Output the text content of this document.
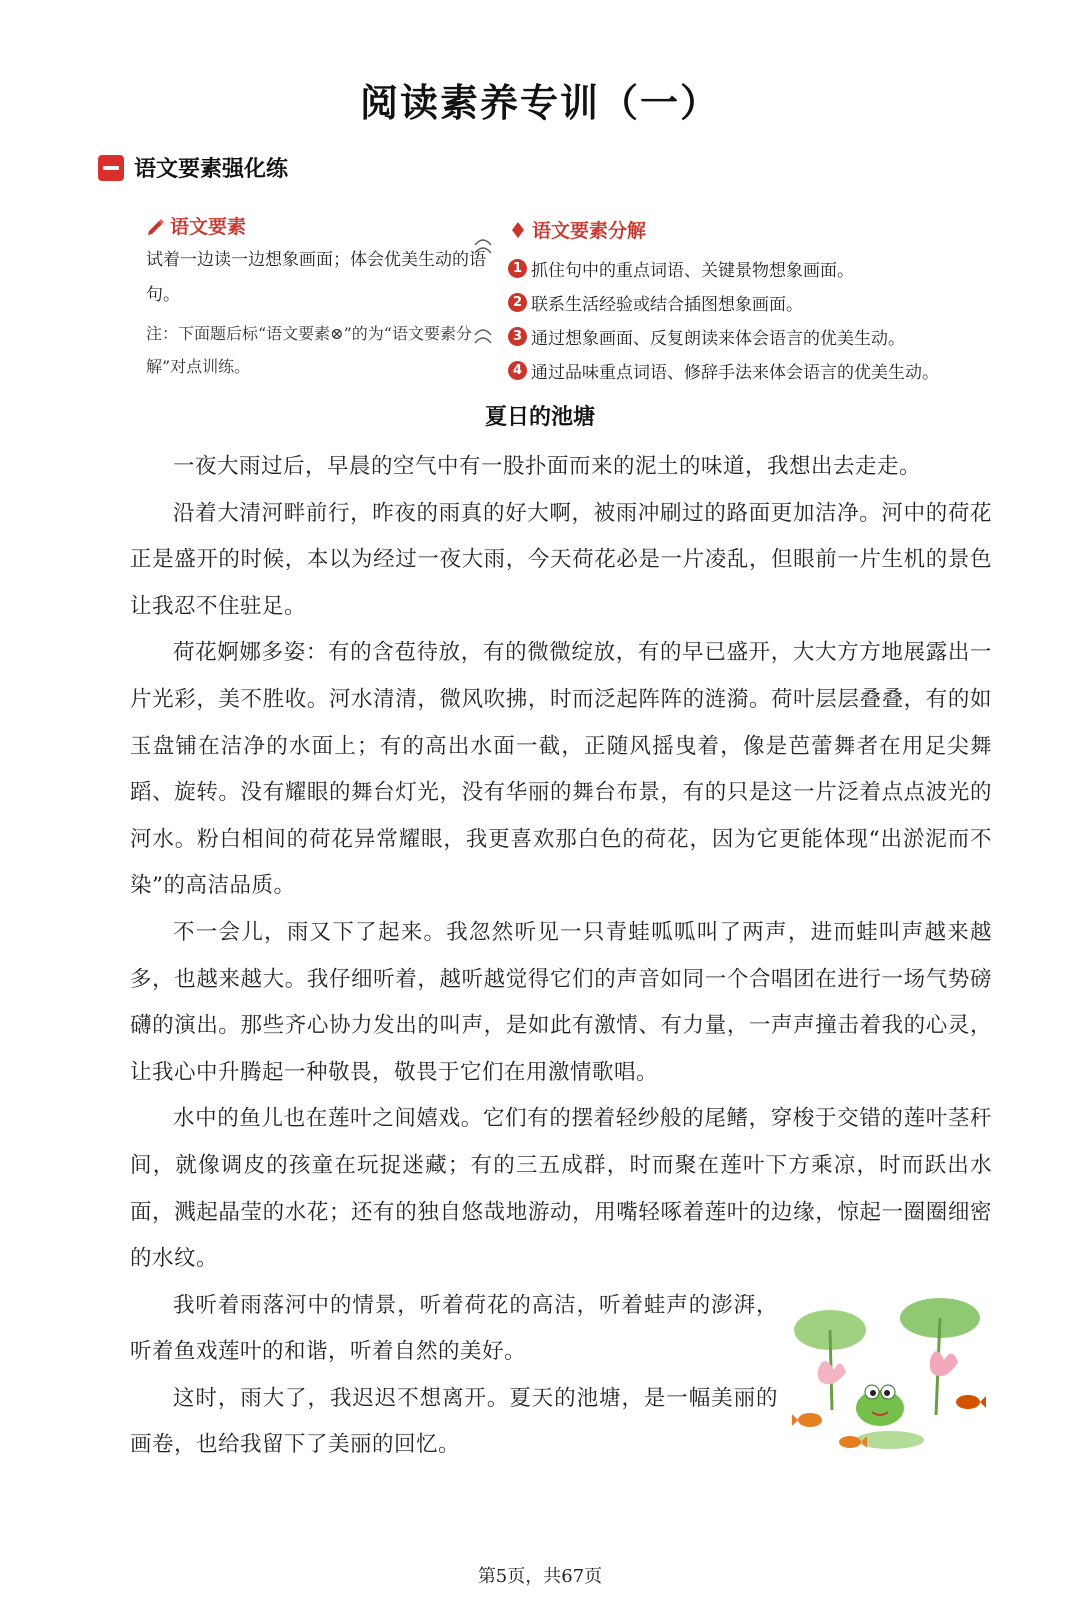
阅读素养专训（一）
语文要素强化练
语文要素
试着一边读一边想象画面；体会优美生动的语句。
注：下面题后标“语文要素⊗”的为“语文要素分解”对点训练。
语文要素分解
1 抓住句中的重点词语、关键景物想象画面。
2 联系生活经验或结合插图想象画面。
3 通过想象画面、反复朗读来体会语言的优美生动。
4 通过品味重点词语、修辞手法来体会语言的优美生动。
夏日的池塘

一夜大雨过后，早晨的空气中有一股扑面而来的泥土的味道，我想出去走走。

沿着大清河畔前行，昨夜的雨真的好大啊，被雨冲刷过的路面更加洁净。河中的荷花正是盛开的时候，本以为经过一夜大雨，今天荷花必是一片凌乱，但眼前一片生机的景色让我忍不住驻足。

荷花婀娜多姿：有的含苞待放，有的微微绽放，有的早已盛开，大大方方地展露出一片光彩，美不胜收。河水清清，微风吹拂，时而泛起阵阵的涟漪。荷叶层层叠叠，有的如玉盘铺在洁净的水面上；有的高出水面一截，正随风摇曳着，像是芭蕾舞者在用足尖舞蹈、旋转。没有耀眼的舞台灯光，没有华丽的舞台布景，有的只是这一片泛着点点波光的河水。粉白相间的荷花异常耀眼，我更喜欢那白色的荷花，因为它更能体现“出淤泥而不染”的高洁品质。

不一会儿，雨又下了起来。我忽然听见一只青蛙呱呱叫了两声，进而蛙叫声越来越多，也越来越大。我仔细听着，越听越觉得它们的声音如同一个合唱团在进行一场气势磅礴的演出。那些齐心协力发出的叫声，是如此有激情、有力量，一声声撞击着我的心灵，让我心中升腾起一种敬畏，敬畏于它们在用激情歌唱。

水中的鱼儿也在莲叶之间嬉戏。它们有的摆着轻纱般的尾鳍，穿梭于交错的莲叶茎秆间，就像调皮的孩童在玩捉迷藏；有的三五成群，时而聚在莲叶下方乘凉，时而跃出水面，溅起晶莹的水花；还有的独自悠哉地游动，用嘴轻啄着莲叶的边缘，惊起一圈圈细密的水纹。

我听着雨落河中的情景，听着荷花的高洁，听着蛙声的澎湃，听着鱼戏莲叶的和谐，听着自然的美好。

这时，雨大了，我迟迟不想离开。夏天的池塘，是一幅美丽的画卷，也给我留下了美丽的回忆。

第5页，共67页
